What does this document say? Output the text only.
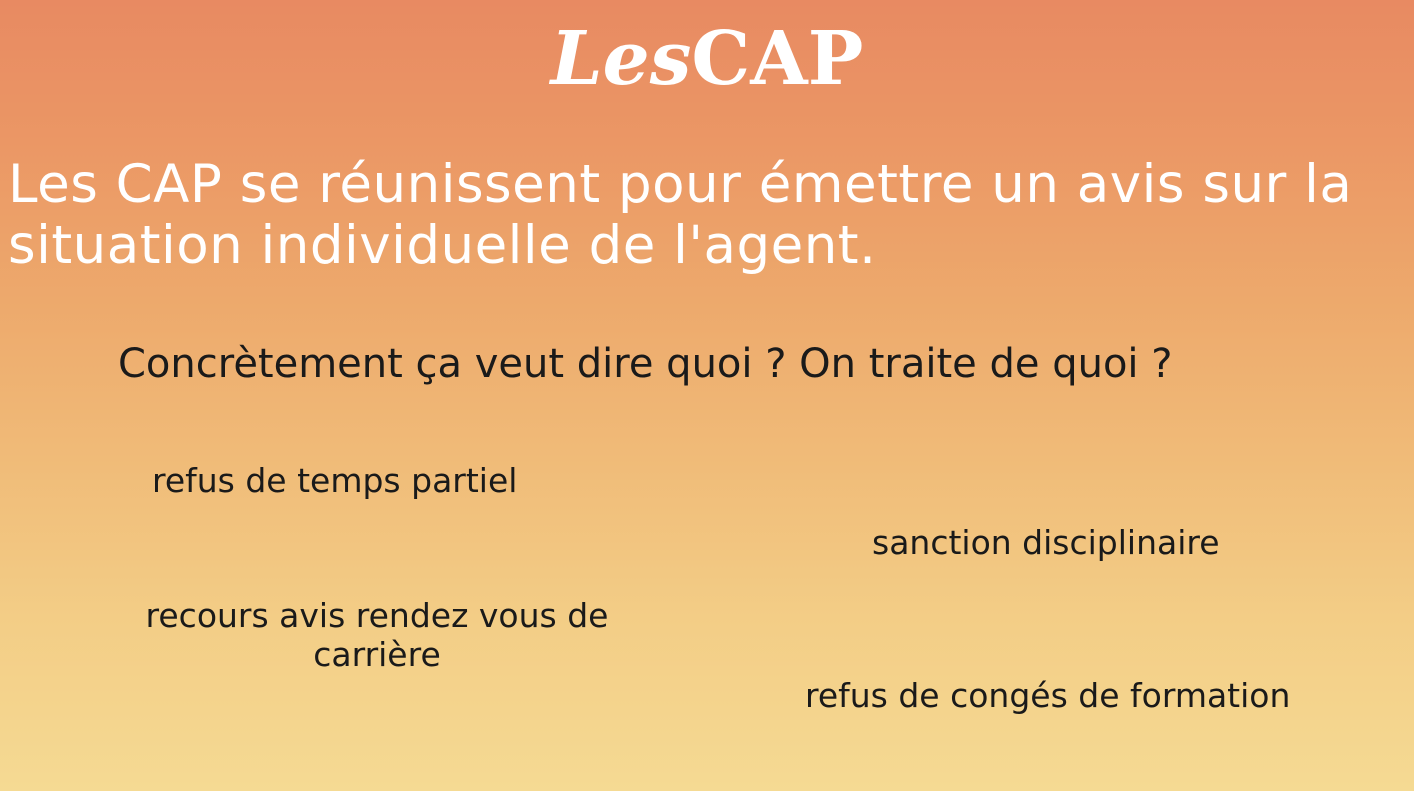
LesCAP
Les CAP se réunissent pour émettre un avis sur la situation individuelle de l'agent.
Concrètement ça veut dire quoi ? On traite de quoi ?
refus de temps partiel
sanction disciplinaire
recours avis rendez vous de carrière
refus de congés de formation
